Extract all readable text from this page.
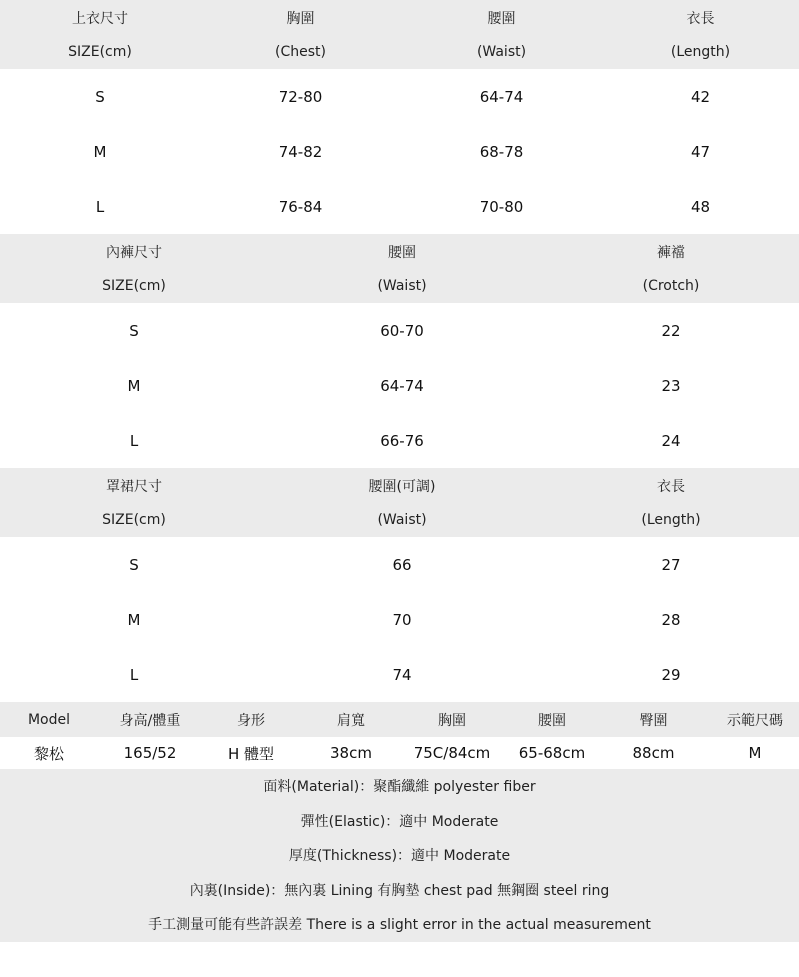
上衣尺寸	胸圍	腰圍	衣長
SIZE(cm)	(Chest)	(Waist)	(Length)
S	72-80	64-74	42
M	74-82	68-78	47
L	76-84	70-80	48
內褲尺寸	腰圍	褲襠
SIZE(cm)	(Waist)	(Crotch)
S	60-70	22
M	64-74	23
L	66-76	24
罩裙尺寸	腰圍(可調)	衣長
SIZE(cm)	(Waist)	(Length)
S	66	27
M	70	28
L	74	29
Model	身高/體重	身形	肩寬	胸圍	腰圍	臀圍	示範尺碼
黎松	165/52	H 體型	38cm	75C/84cm	65-68cm	88cm	M
面料(Material)：聚酯纖維 polyester fiber
彈性(Elastic)：適中 Moderate
厚度(Thickness)：適中 Moderate
內裏(Inside)：無內裏 Lining 有胸墊 chest pad 無鋼圈 steel ring
手工測量可能有些許誤差 There is a slight error in the actual measurement
